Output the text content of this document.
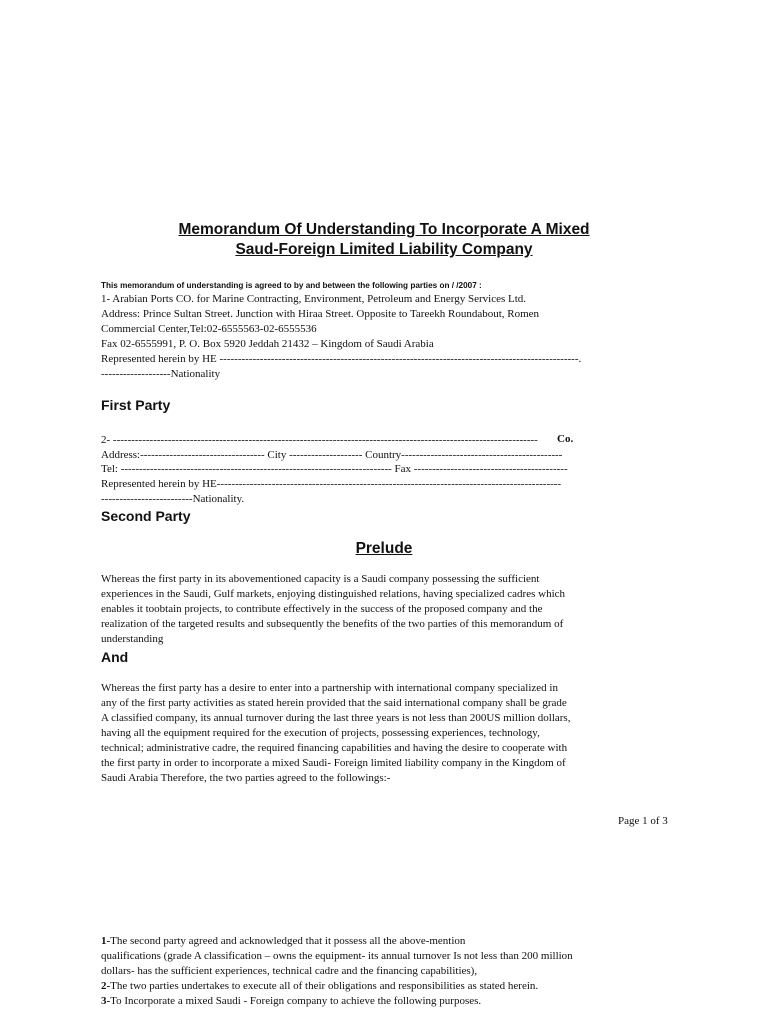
Memorandum Of Understanding To Incorporate A Mixed
Saud-Foreign Limited Liability Company
This memorandum of understanding is agreed to by and between the following parties on / /2007 :
1- Arabian Ports CO. for Marine Contracting, Environment, Petroleum and Energy Services Ltd.
Address: Prince Sultan Street. Junction with Hiraa Street. Opposite to Tareekh Roundabout, Romen
Commercial Center,Tel:02-6555563-02-6555536
Fax 02-6555991, P. O. Box 5920 Jeddah 21432 – Kingdom of Saudi Arabia
Represented herein by HE --------------------------------------------------------------------------------------------------.
-------------------Nationality
First Party
2- -------------------------------------------------------------------------------------------------------------------- Co.
Address:---------------------------------- City -------------------- Country--------------------------------------------
Tel: -------------------------------------------------------------------------- Fax ------------------------------------------
Represented herein by HE----------------------------------------------------------------------------------------------
-------------------------Nationality.
Second Party
Prelude
Whereas the first party in its abovementioned capacity is a Saudi company possessing the sufficient
experiences in the Saudi, Gulf markets, enjoying distinguished relations, having specialized cadres which
enables it toobtain projects, to contribute effectively in the success of the proposed company and the
realization of the targeted results and subsequently the benefits of the two parties of this memorandum of
understanding
And
Whereas the first party has a desire to enter into a partnership with international company specialized in
any of the first party activities as stated herein provided that the said international company shall be grade
A classified company, its annual turnover during the last three years is not less than 200US million dollars,
having all the equipment required for the execution of projects, possessing experiences, technology,
technical; administrative cadre, the required financing capabilities and having the desire to cooperate with
the first party in order to incorporate a mixed Saudi- Foreign limited liability company in the Kingdom of
Saudi Arabia Therefore, the two parties agreed to the followings:-
Page 1 of 3
1-The second party agreed and acknowledged that it possess all the above-mention
qualifications (grade A classification – owns the equipment- its annual turnover Is not less than 200 million
dollars- has the sufficient experiences, technical cadre and the financing capabilities),
2-The two parties undertakes to execute all of their obligations and responsibilities as stated herein.
3-To Incorporate a mixed Saudi - Foreign company to achieve the following purposes.
